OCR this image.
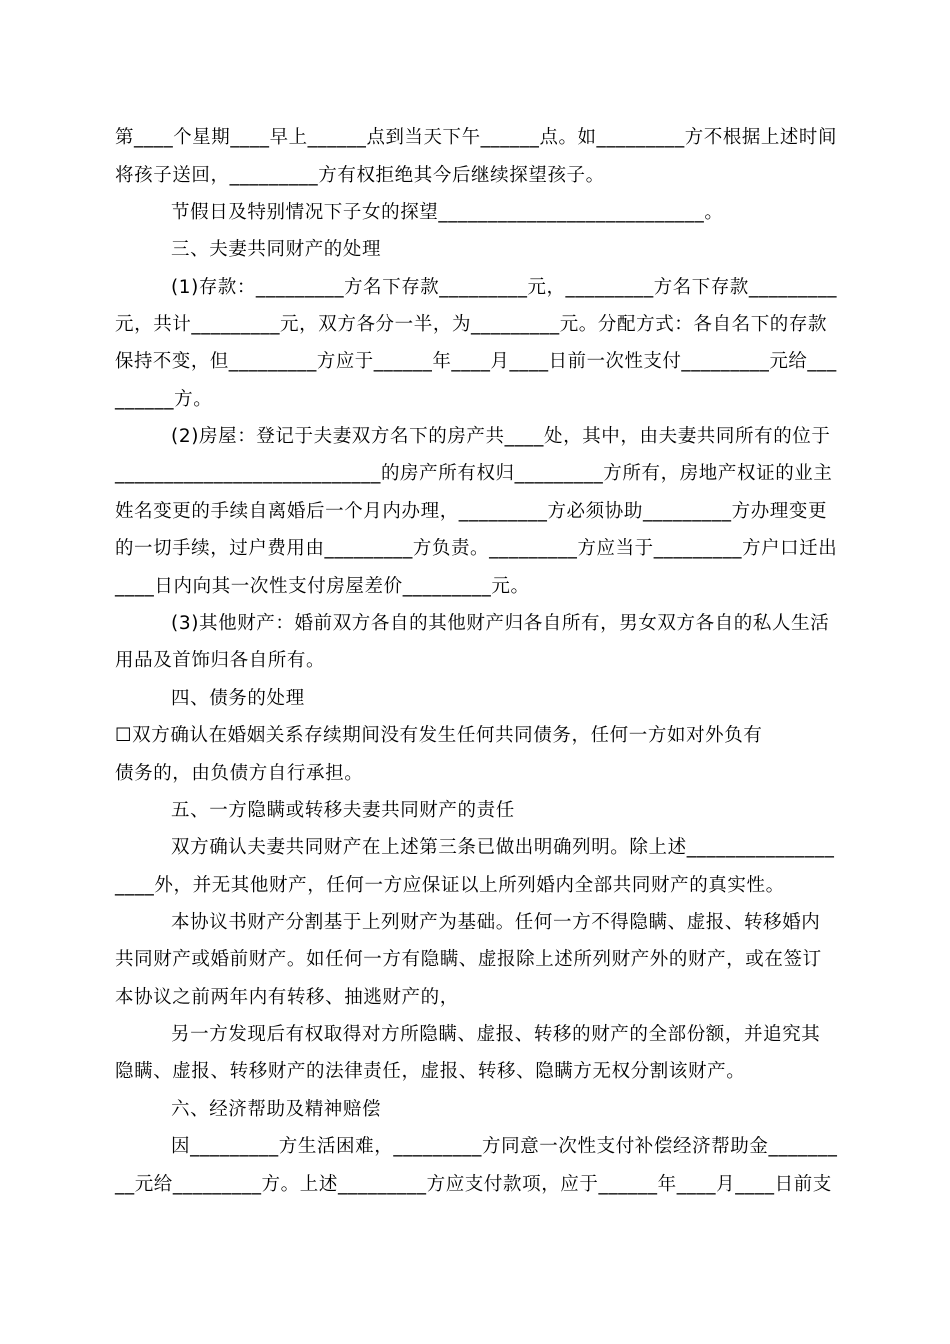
第____个星期____早上______点到当天下午______点。如_________方不根据上述时间
将孩子送回，_________方有权拒绝其今后继续探望孩子。
节假日及特别情况下子女的探望___________________________。
三、夫妻共同财产的处理
(1)存款：_________方名下存款_________元，_________方名下存款_________
元，共计_________元，双方各分一半，为_________元。分配方式：各自名下的存款
保持不变，但_________方应于______年____月____日前一次性支付_________元给___
______方。
(2)房屋：登记于夫妻双方名下的房产共____处，其中，由夫妻共同所有的位于
___________________________的房产所有权归_________方所有，房地产权证的业主
姓名变更的手续自离婚后一个月内办理，_________方必须协助_________方办理变更
的一切手续，过户费用由_________方负责。_________方应当于_________方户口迁出
____日内向其一次性支付房屋差价_________元。
(3)其他财产：婚前双方各自的其他财产归各自所有，男女双方各自的私人生活
用品及首饰归各自所有。
四、债务的处理
☐双方确认在婚姻关系存续期间没有发生任何共同债务，任何一方如对外负有
债务的，由负债方自行承担。
五、一方隐瞒或转移夫妻共同财产的责任
双方确认夫妻共同财产在上述第三条已做出明确列明。除上述_______________
____外，并无其他财产，任何一方应保证以上所列婚内全部共同财产的真实性。
本协议书财产分割基于上列财产为基础。任何一方不得隐瞒、虚报、转移婚内
共同财产或婚前财产。如任何一方有隐瞒、虚报除上述所列财产外的财产，或在签订
本协议之前两年内有转移、抽逃财产的，
另一方发现后有权取得对方所隐瞒、虚报、转移的财产的全部份额，并追究其
隐瞒、虚报、转移财产的法律责任，虚报、转移、隐瞒方无权分割该财产。
六、经济帮助及精神赔偿
因_________方生活困难，_________方同意一次性支付补偿经济帮助金_______
__元给_________方。上述_________方应支付款项，应于______年____月____日前支
